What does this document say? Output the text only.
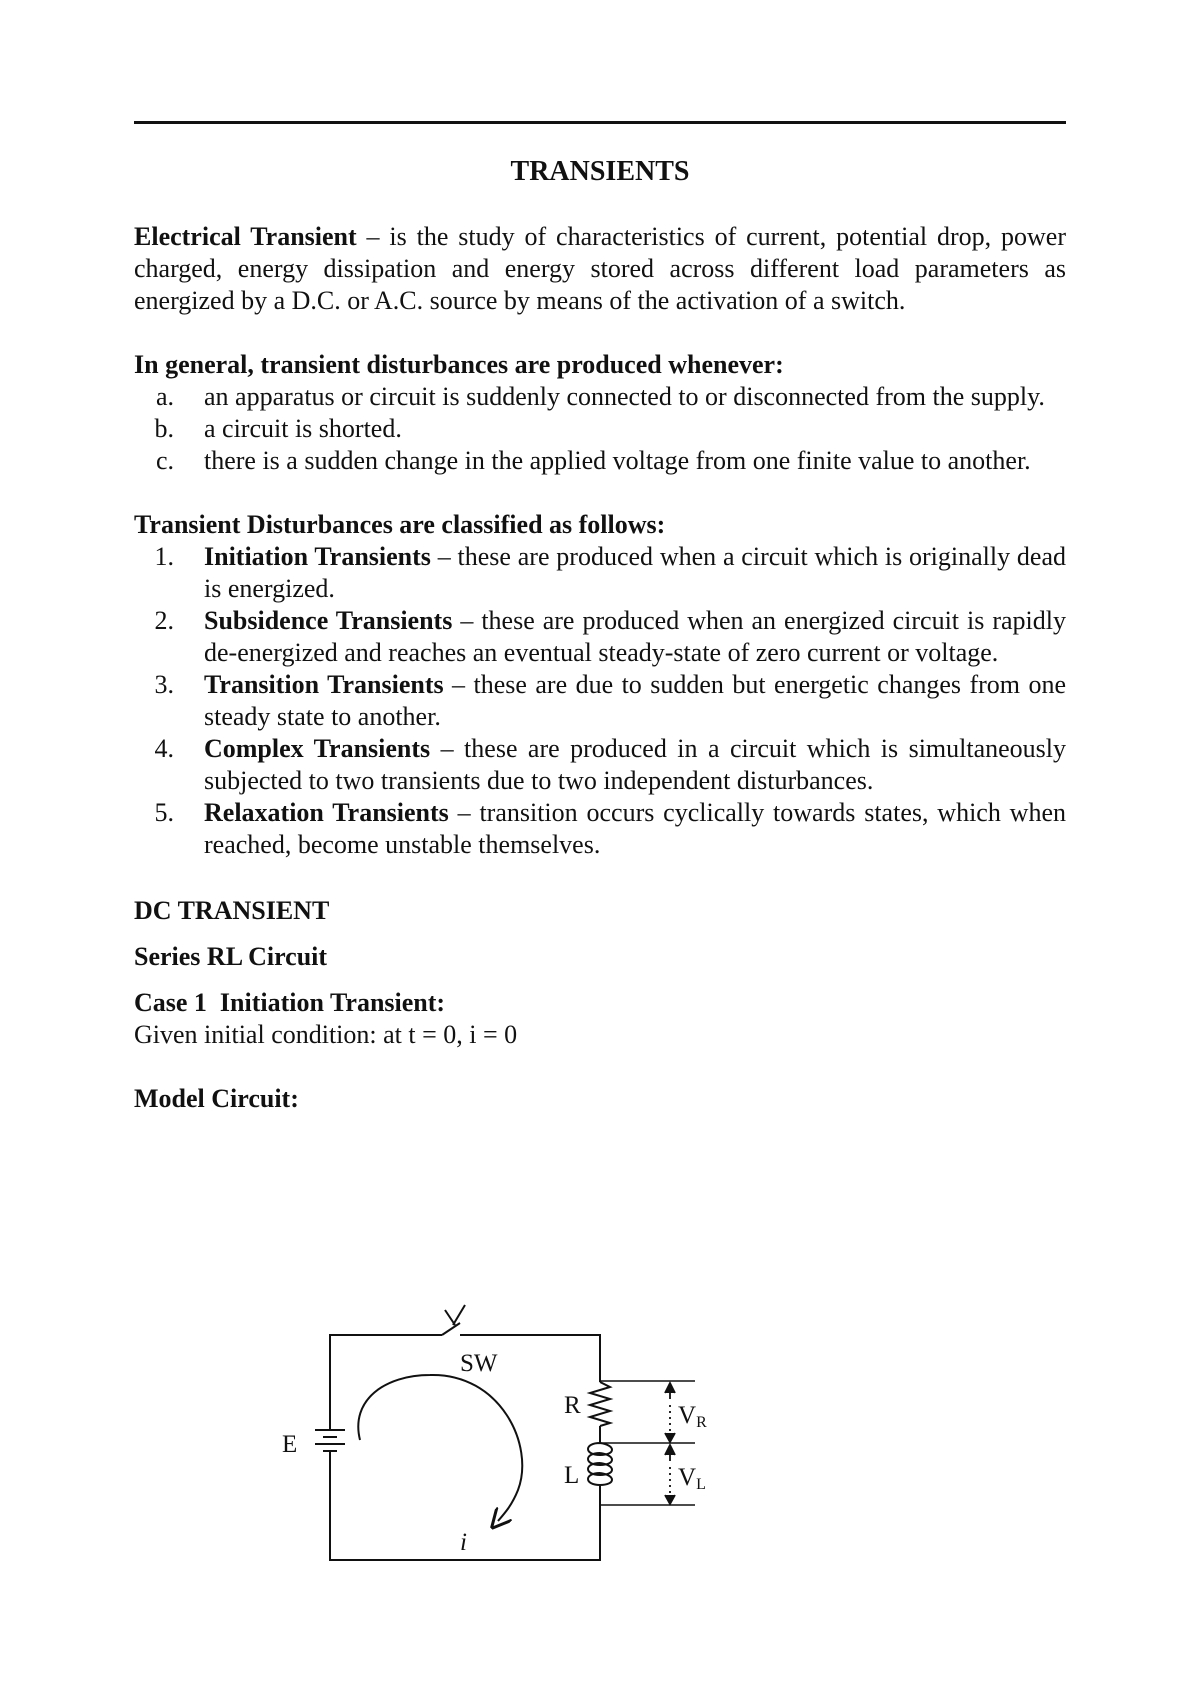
TRANSIENTS

Electrical Transient – is the study of characteristics of current, potential drop, power charged, energy dissipation and energy stored across different load parameters as energized by a D.C. or A.C. source by means of the activation of a switch.

In general, transient disturbances are produced whenever:

a.	an apparatus or circuit is suddenly connected to or disconnected from the supply.
b.	a circuit is shorted.
c.	there is a sudden change in the applied voltage from one finite value to another.

Transient Disturbances are classified as follows:

1.	Initiation Transients – these are produced when a circuit which is originally dead is energized.
2.	Subsidence Transients – these are produced when an energized circuit is rapidly de-energized and reaches an eventual steady-state of zero current or voltage.
3.	Transition Transients – these are due to sudden but energetic changes from one steady state to another.
4.	Complex Transients – these are produced in a circuit which is simultaneously subjected to two transients due to two independent disturbances.
5.	Relaxation Transients – transition occurs cyclically towards states, which when reached, become unstable themselves.

DC TRANSIENT

Series RL Circuit

Case 1  Initiation Transient:

Given initial condition: at t = 0, i = 0

Model Circuit:

SW
E
R
L
VR
VL
i
